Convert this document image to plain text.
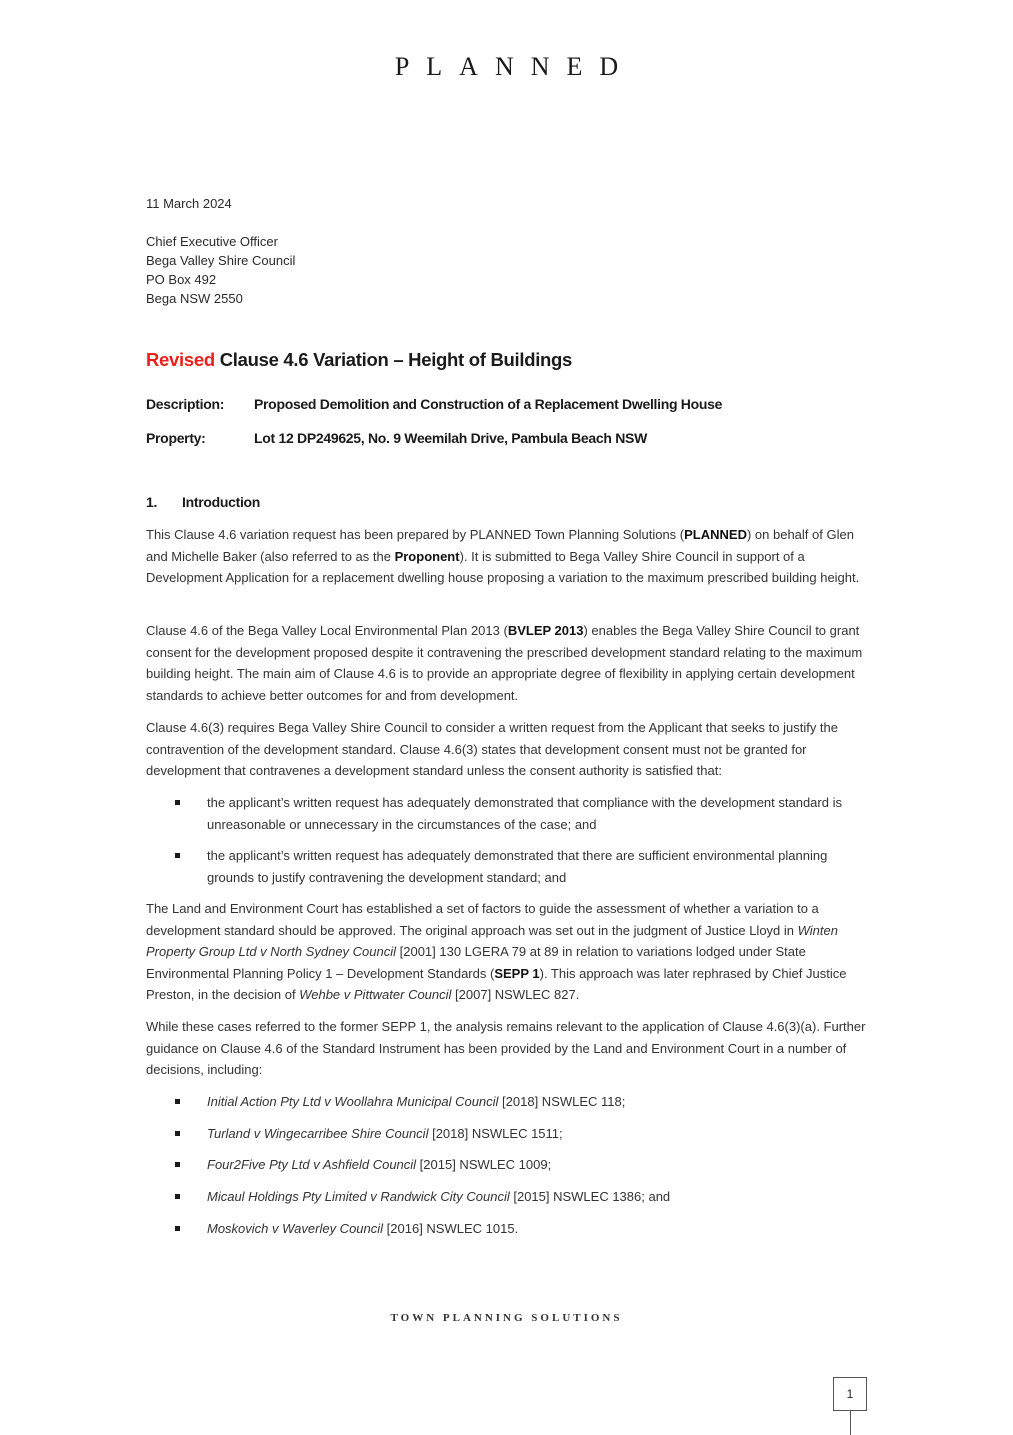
PLANNED
11 March 2024
Chief Executive Officer
Bega Valley Shire Council
PO Box 492
Bega NSW 2550
Revised Clause 4.6 Variation – Height of Buildings
Description: Proposed Demolition and Construction of a Replacement Dwelling House
Property:	Lot 12 DP249625, No. 9 Weemilah Drive, Pambula Beach NSW
1. Introduction
This Clause 4.6 variation request has been prepared by PLANNED Town Planning Solutions (PLANNED) on behalf of Glen and Michelle Baker (also referred to as the Proponent). It is submitted to Bega Valley Shire Council in support of a Development Application for a replacement dwelling house proposing a variation to the maximum prescribed building height.
Clause 4.6 of the Bega Valley Local Environmental Plan 2013 (BVLEP 2013) enables the Bega Valley Shire Council to grant consent for the development proposed despite it contravening the prescribed development standard relating to the maximum building height. The main aim of Clause 4.6 is to provide an appropriate degree of flexibility in applying certain development standards to achieve better outcomes for and from development.
Clause 4.6(3) requires Bega Valley Shire Council to consider a written request from the Applicant that seeks to justify the contravention of the development standard. Clause 4.6(3) states that development consent must not be granted for development that contravenes a development standard unless the consent authority is satisfied that:
the applicant’s written request has adequately demonstrated that compliance with the development standard is unreasonable or unnecessary in the circumstances of the case; and
the applicant’s written request has adequately demonstrated that there are sufficient environmental planning grounds to justify contravening the development standard; and
The Land and Environment Court has established a set of factors to guide the assessment of whether a variation to a development standard should be approved. The original approach was set out in the judgment of Justice Lloyd in Winten Property Group Ltd v North Sydney Council [2001] 130 LGERA 79 at 89 in relation to variations lodged under State Environmental Planning Policy 1 – Development Standards (SEPP 1). This approach was later rephrased by Chief Justice Preston, in the decision of Wehbe v Pittwater Council [2007] NSWLEC 827.
While these cases referred to the former SEPP 1, the analysis remains relevant to the application of Clause 4.6(3)(a). Further guidance on Clause 4.6 of the Standard Instrument has been provided by the Land and Environment Court in a number of decisions, including:
Initial Action Pty Ltd v Woollahra Municipal Council [2018] NSWLEC 118;
Turland v Wingecarribee Shire Council [2018] NSWLEC 1511;
Four2Five Pty Ltd v Ashfield Council [2015] NSWLEC 1009;
Micaul Holdings Pty Limited v Randwick City Council [2015] NSWLEC 1386; and
Moskovich v Waverley Council [2016] NSWLEC 1015.
TOWN PLANNING SOLUTIONS
1
